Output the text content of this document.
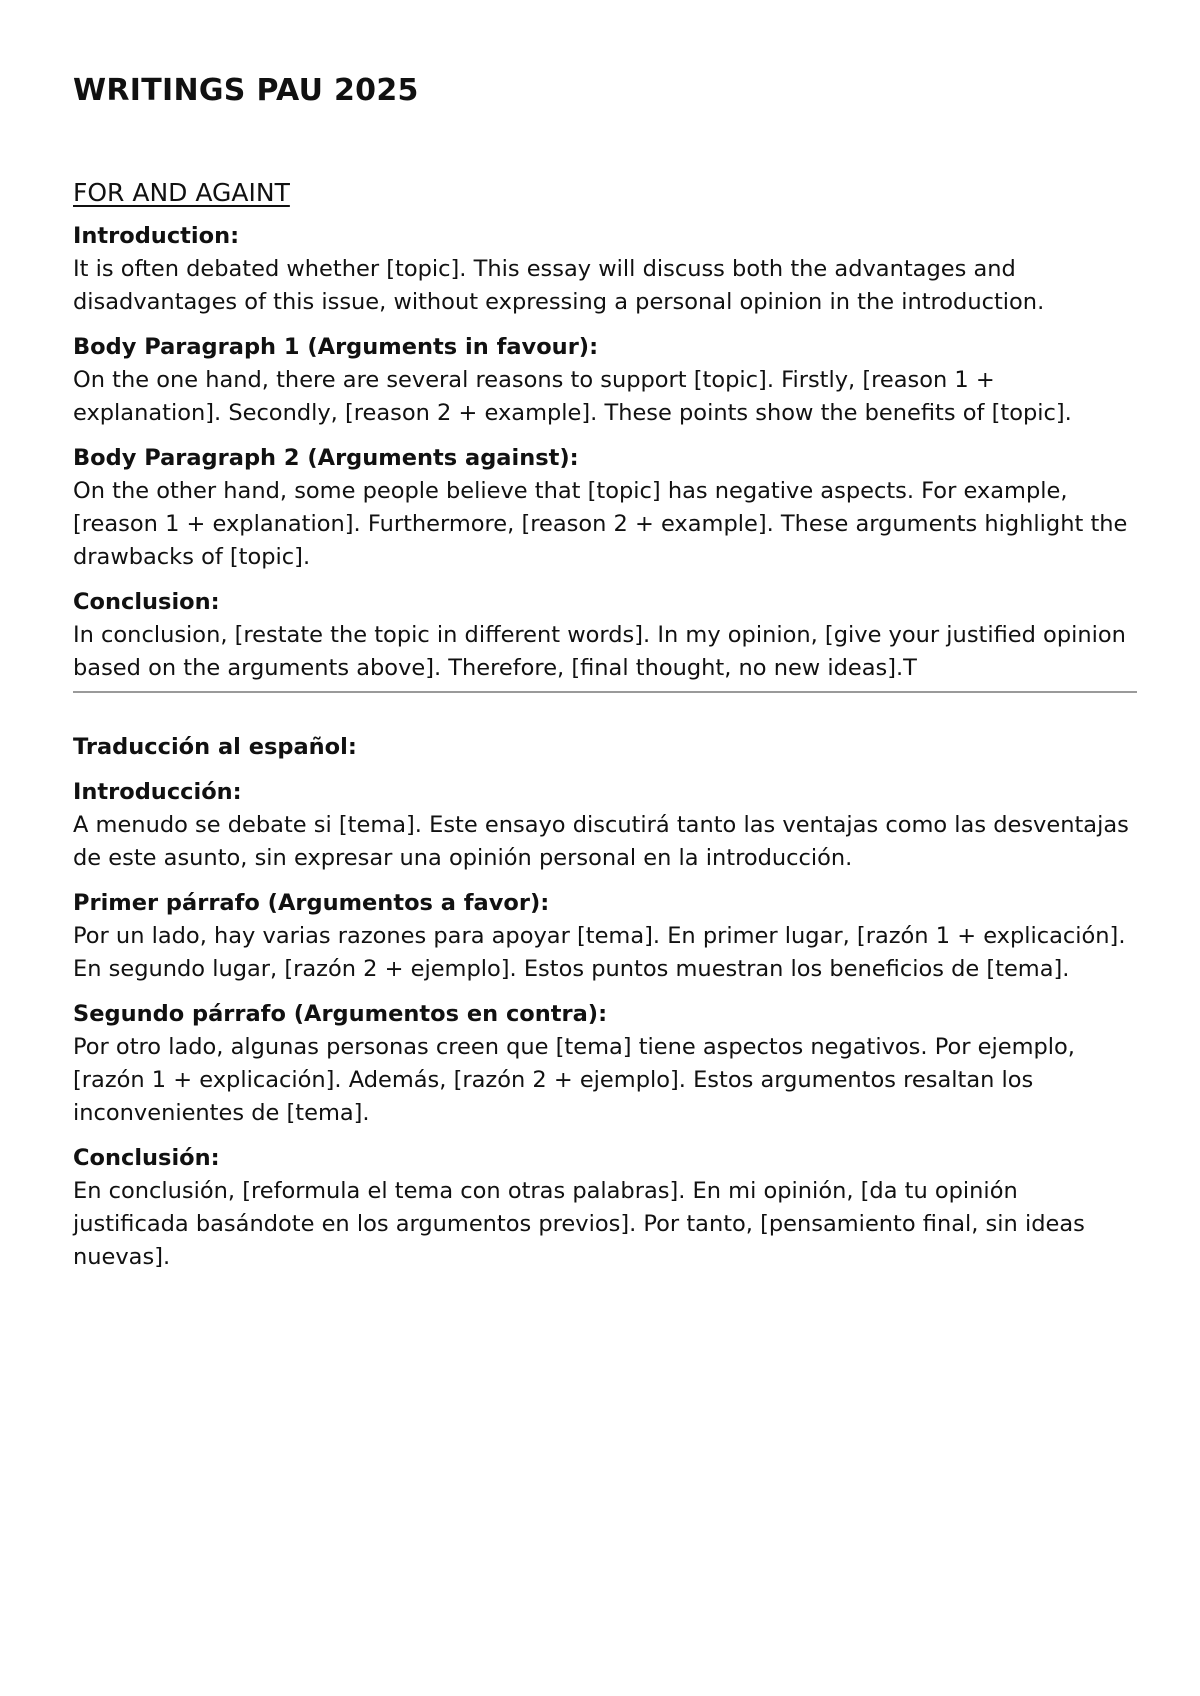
WRITINGS PAU 2025
FOR AND AGAINT

Introduction:

It is often debated whether [topic]. This essay will discuss both the advantages and disadvantages of this issue, without expressing a personal opinion in the introduction.

Body Paragraph 1 (Arguments in favour):

On the one hand, there are several reasons to support [topic]. Firstly, [reason 1 + explanation]. Secondly, [reason 2 + example]. These points show the benefits of [topic].

Body Paragraph 2 (Arguments against):

On the other hand, some people believe that [topic] has negative aspects. For example, [reason 1 + explanation]. Furthermore, [reason 2 + example]. These arguments highlight the drawbacks of [topic].

Conclusion:

In conclusion, [restate the topic in different words]. In my opinion, [give your justified opinion based on the arguments above]. Therefore, [final thought, no new ideas].T

Traducción al español:

Introducción:

A menudo se debate si [tema]. Este ensayo discutirá tanto las ventajas como las desventajas de este asunto, sin expresar una opinión personal en la introducción.

Primer párrafo (Argumentos a favor):

Por un lado, hay varias razones para apoyar [tema]. En primer lugar, [razón 1 + explicación]. En segundo lugar, [razón 2 + ejemplo]. Estos puntos muestran los beneficios de [tema].

Segundo párrafo (Argumentos en contra):

Por otro lado, algunas personas creen que [tema] tiene aspectos negativos. Por ejemplo, [razón 1 + explicación]. Además, [razón 2 + ejemplo]. Estos argumentos resaltan los inconvenientes de [tema].

Conclusión:

En conclusión, [reformula el tema con otras palabras]. En mi opinión, [da tu opinión justificada basándote en los argumentos previos]. Por tanto, [pensamiento final, sin ideas nuevas].
